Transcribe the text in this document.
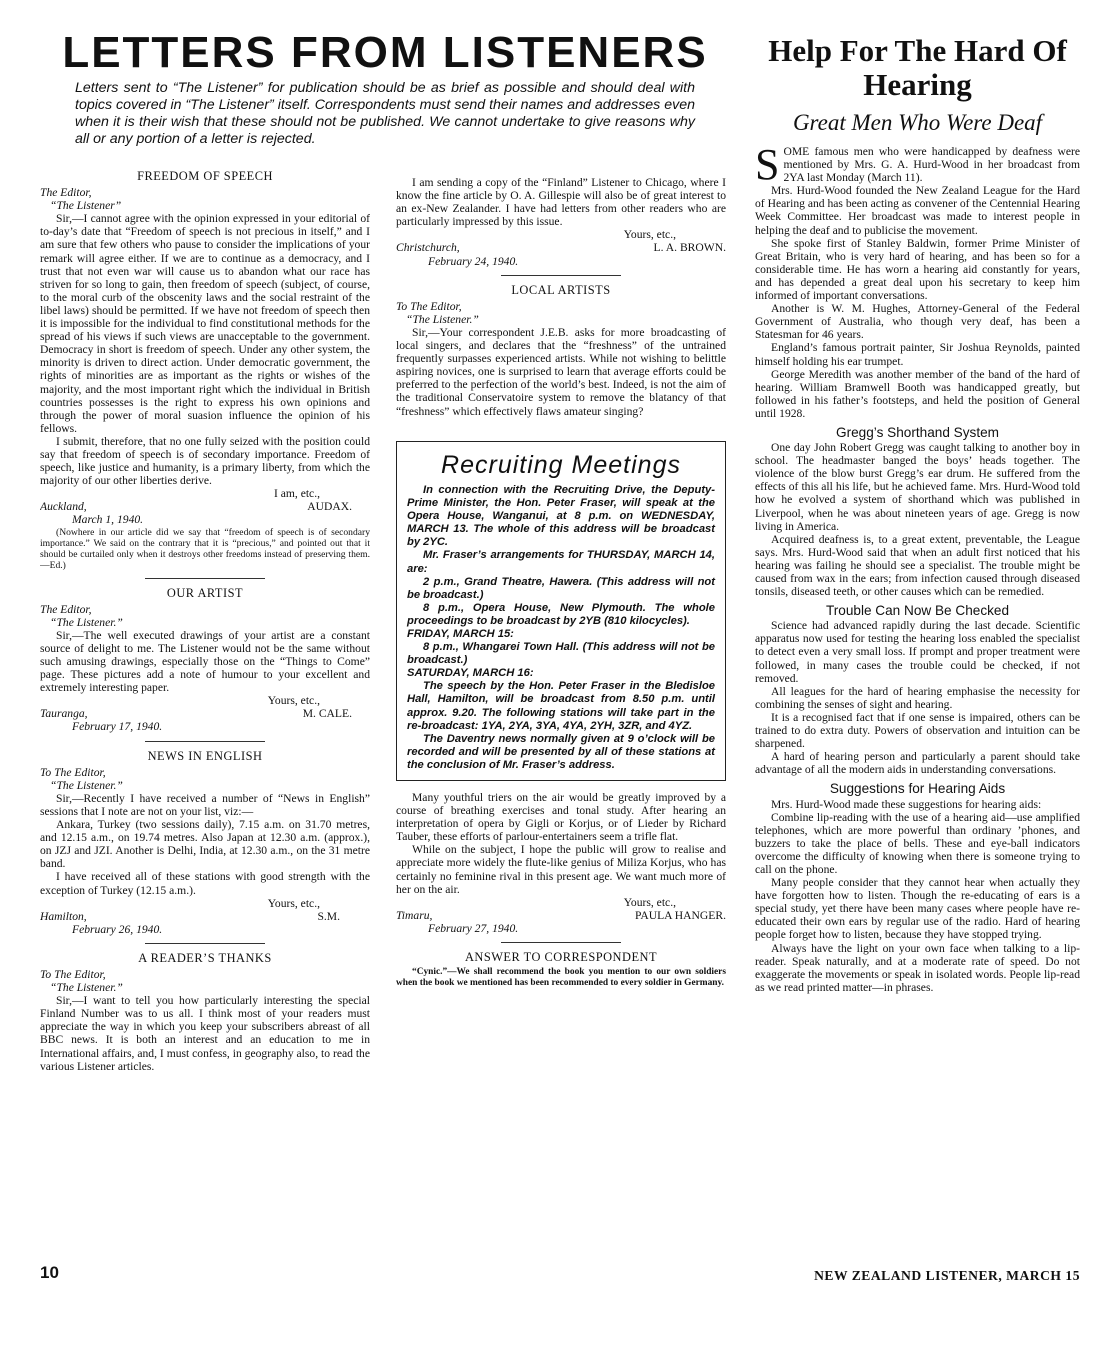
LETTERS FROM LISTENERS

Letters sent to “The Listener” for publication should be as brief as possible and should deal with topics covered in “The Listener” itself. Correspondents must send their names and addresses even when it is their wish that these should not be published. We cannot undertake to give reasons why all or any portion of a letter is rejected.

FREEDOM OF SPEECH

The Editor,

“The Listener”

Sir,—I cannot agree with the opinion expressed in your editorial of to-day’s date that “Freedom of speech is not precious in itself,” and I am sure that few others who pause to consider the implications of your remark will agree either. If we are to continue as a democracy, and I trust that not even war will cause us to abandon what our race has striven for so long to gain, then freedom of speech (subject, of course, to the moral curb of the obscenity laws and the social restraint of the libel laws) should be permitted. If we have not freedom of speech then it is impossible for the individual to find constitutional methods for the spread of his views if such views are unacceptable to the government. Democracy in short is freedom of speech. Under any other system, the minority is driven to direct action. Under democratic government, the rights of minorities are as important as the rights or wishes of the majority, and the most important right which the individual in British countries possesses is the right to express his own opinions and through the power of moral suasion influence the opinion of his fellows.

I submit, therefore, that no one fully seized with the position could say that freedom of speech is of secondary importance. Freedom of speech, like justice and humanity, is a primary liberty, from which the majority of our other liberties derive.

I am, etc.,

Auckland,	AUDAX.

March 1, 1940.

(Nowhere in our article did we say that “freedom of speech is of secondary importance.” We said on the contrary that it is “precious,” and pointed out that it should be curtailed only when it destroys other freedoms instead of preserving them.—Ed.)

OUR ARTIST

The Editor,

“The Listener.”

Sir,—The well executed drawings of your artist are a constant source of delight to me. The Listener would not be the same without such amusing drawings, especially those on the “Things to Come” page. These pictures add a note of humour to your excellent and extremely interesting paper.

Yours, etc.,

Tauranga,	M. CALE.

February 17, 1940.

NEWS IN ENGLISH

To The Editor,

“The Listener.”

Sir,—Recently I have received a number of “News in English” sessions that I note are not on your list, viz:—

Ankara, Turkey (two sessions daily), 7.15 a.m. on 31.70 metres, and 12.15 a.m., on 19.74 metres. Also Japan at 12.30 a.m. (approx.), on JZJ and JZI. Another is Delhi, India, at 12.30 a.m., on the 31 metre band.

I have received all of these stations with good strength with the exception of Turkey (12.15 a.m.).

Yours, etc.,

Hamilton,	S.M.

February 26, 1940.

A READER’S THANKS

To The Editor,

“The Listener.”

Sir,—I want to tell you how particularly interesting the special Finland Number was to us all. I think most of your readers must appreciate the way in which you keep your subscribers abreast of all BBC news. It is both an interest and an education to me in International affairs, and, I must confess, in geography also, to read the various Listener articles.

I am sending a copy of the “Finland” Listener to Chicago, where I know the fine article by O. A. Gillespie will also be of great interest to an ex-New Zealander. I have had letters from other readers who are particularly impressed by this issue.

Yours, etc.,

Christchurch,	L. A. BROWN.

February 24, 1940.

LOCAL ARTISTS

To The Editor,

“The Listener.”

Sir,—Your correspondent J.E.B. asks for more broadcasting of local singers, and declares that the “freshness” of the untrained frequently surpasses experienced artists. While not wishing to belittle aspiring novices, one is surprised to learn that average efforts could be preferred to the perfection of the world’s best. Indeed, is not the aim of the traditional Conservatoire system to remove the blatancy of that “freshness” which effectively flaws amateur singing?

Recruiting Meetings

In connection with the Recruiting Drive, the Deputy-Prime Minister, the Hon. Peter Fraser, will speak at the Opera House, Wanganui, at 8 p.m. on WEDNESDAY, MARCH 13. The whole of this address will be broadcast by 2YC.

Mr. Fraser’s arrangements for THURSDAY, MARCH 14, are:

2 p.m., Grand Theatre, Hawera. (This address will not be broadcast.)

8 p.m., Opera House, New Plymouth. The whole proceedings to be broadcast by 2YB (810 kilocycles).

FRIDAY, MARCH 15:

8 p.m., Whangarei Town Hall. (This address will not be broadcast.)

SATURDAY, MARCH 16:

The speech by the Hon. Peter Fraser in the Bledisloe Hall, Hamilton, will be broadcast from 8.50 p.m. until approx. 9.20. The following stations will take part in the re-broadcast: 1YA, 2YA, 3YA, 4YA, 2YH, 3ZR, and 4YZ.

The Daventry news normally given at 9 o’clock will be recorded and will be presented by all of these stations at the conclusion of Mr. Fraser’s address.

Many youthful triers on the air would be greatly improved by a course of breathing exercises and tonal study. After hearing an interpretation of opera by Gigli or Korjus, or of Lieder by Richard Tauber, these efforts of parlour-entertainers seem a trifle flat.

While on the subject, I hope the public will grow to realise and appreciate more widely the flute-like genius of Miliza Korjus, who has certainly no feminine rival in this present age. We want much more of her on the air.

Yours, etc.,

Timaru,	PAULA HANGER.

February 27, 1940.

ANSWER TO CORRESPONDENT

“Cynic.”—We shall recommend the book you mention to our own soldiers when the book we mentioned has been recommended to every soldier in Germany.

Help For The Hard Of Hearing
Great Men Who Were Deaf

SOME famous men who were handicapped by deafness were mentioned by Mrs. G. A. Hurd-Wood in her broadcast from 2YA last Monday (March 11).

Mrs. Hurd-Wood founded the New Zealand League for the Hard of Hearing and has been acting as convener of the Centennial Hearing Week Committee. Her broadcast was made to interest people in helping the deaf and to publicise the movement.

She spoke first of Stanley Baldwin, former Prime Minister of Great Britain, who is very hard of hearing, and has been so for a considerable time. He has worn a hearing aid constantly for years, and has depended a great deal upon his secretary to keep him informed of important conversations.

Another is W. M. Hughes, Attorney-General of the Federal Government of Australia, who though very deaf, has been a Statesman for 46 years.

England’s famous portrait painter, Sir Joshua Reynolds, painted himself holding his ear trumpet.

George Meredith was another member of the band of the hard of hearing. William Bramwell Booth was handicapped greatly, but followed in his father’s footsteps, and held the position of General until 1928.

Gregg’s Shorthand System

One day John Robert Gregg was caught talking to another boy in school. The headmaster banged the boys’ heads together. The violence of the blow burst Gregg’s ear drum. He suffered from the effects of this all his life, but he achieved fame. Mrs. Hurd-Wood told how he evolved a system of shorthand which was published in Liverpool, when he was about nineteen years of age. Gregg is now living in America.

Acquired deafness is, to a great extent, preventable, the League says. Mrs. Hurd-Wood said that when an adult first noticed that his hearing was failing he should see a specialist. The trouble might be caused from wax in the ears; from infection caused through diseased tonsils, diseased teeth, or other causes which can be remedied.

Trouble Can Now Be Checked

Science had advanced rapidly during the last decade. Scientific apparatus now used for testing the hearing loss enabled the specialist to detect even a very small loss. If prompt and proper treatment were followed, in many cases the trouble could be checked, if not removed.

All leagues for the hard of hearing emphasise the necessity for combining the senses of sight and hearing.

It is a recognised fact that if one sense is impaired, others can be trained to do extra duty. Powers of observation and intuition can be sharpened.

A hard of hearing person and particularly a parent should take advantage of all the modern aids in understanding conversations.

Suggestions for Hearing Aids

Mrs. Hurd-Wood made these suggestions for hearing aids:

Combine lip-reading with the use of a hearing aid—use amplified telephones, which are more powerful than ordinary ’phones, and buzzers to take the place of bells. These and eye-ball indicators overcome the difficulty of knowing when there is someone trying to call on the phone.

Many people consider that they cannot hear when actually they have forgotten how to listen. Though the re-educating of ears is a special study, yet there have been many cases where people have re-educated their own ears by regular use of the radio. Hard of hearing people forget how to listen, because they have stopped trying.

Always have the light on your own face when talking to a lip-reader. Speak naturally, and at a moderate rate of speed. Do not exaggerate the movements or speak in isolated words. People lip-read as we read printed matter—in phrases.

10	NEW ZEALAND LISTENER, MARCH 15
